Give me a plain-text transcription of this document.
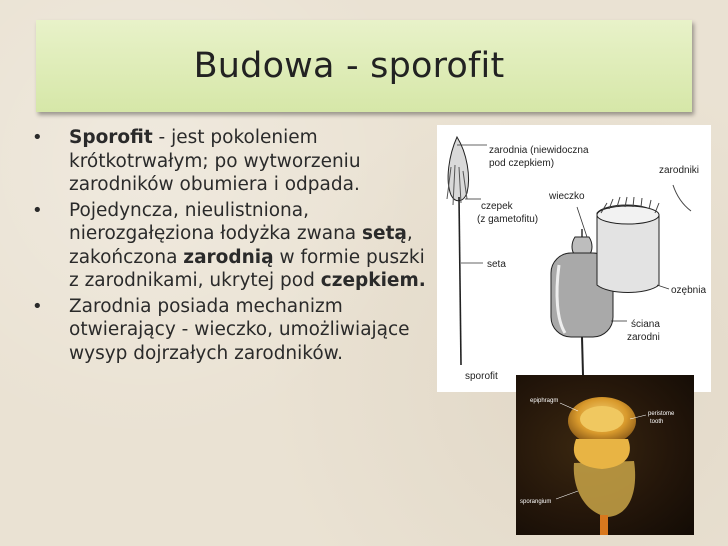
Budowa - sporofit
• Sporofit - jest pokoleniem krótkotrwałym; po wytworzeniu zarodników obumiera i odpada.
• Pojedyncza, nieulistniona, nierozgałęziona łodyżka zwana setą, zakończona zarodnią w formie puszki z zarodnikami, ukrytej pod czepkiem.
• Zarodnia posiada mechanizm otwierający - wieczko, umożliwiające wysyp dojrzałych zarodników.
zarodnia (niewidoczna
pod czepkiem)
zarodniki
czepek
(z gametofitu)
wieczko
seta
ozębnia
ściana
zarodni
sporofit
epiphragm
peristome
tooth
sporangium
